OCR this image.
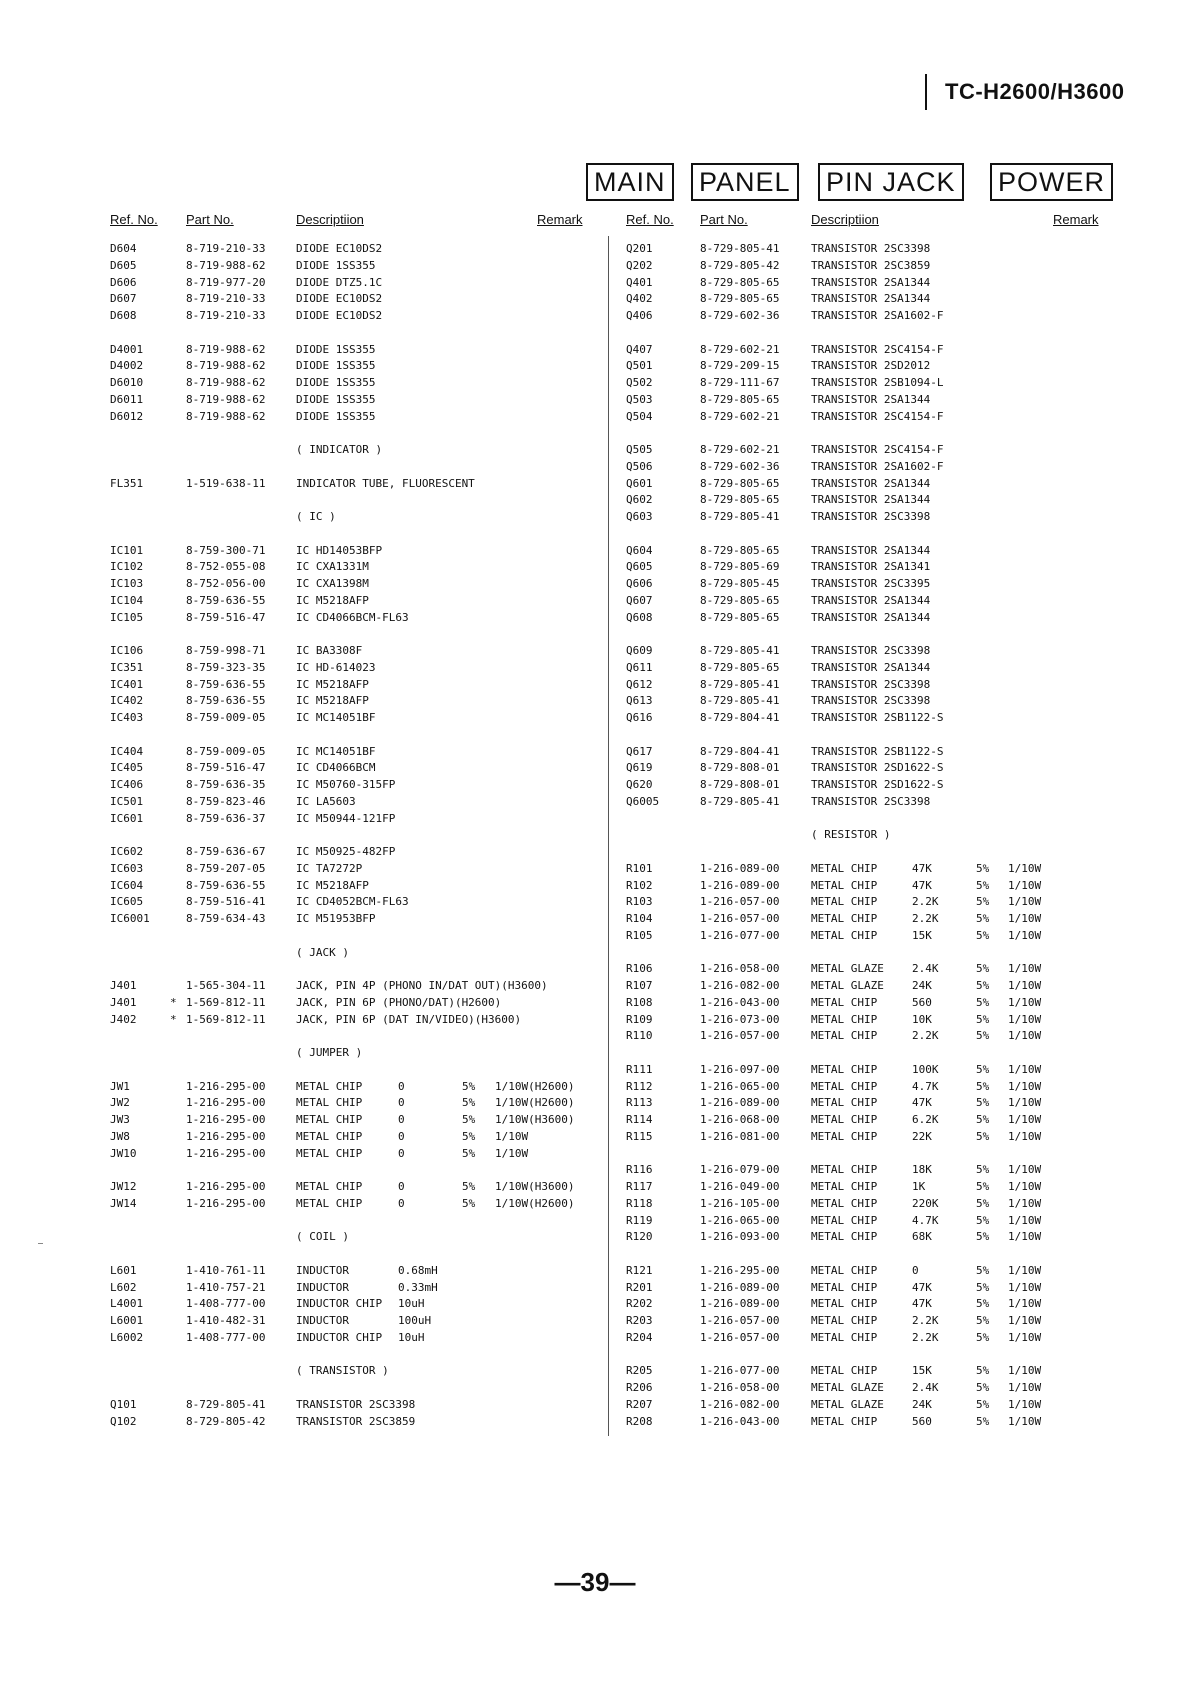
TC-H2600/H3600
MAIN PANEL PIN JACK POWER
Ref. No. Part No.	Descriptiion	Remark	Ref. No. Part No.	Descriptiion	Remark
D604	8-719-210-33	DIODE EC10DS2
D605	8-719-988-62	DIODE 1SS355
D606	8-719-977-20	DIODE DTZ5.1C
D607	8-719-210-33	DIODE EC10DS2
D608	8-719-210-33	DIODE EC10DS2
D4001	8-719-988-62	DIODE 1SS355
D4002	8-719-988-62	DIODE 1SS355
D6010	8-719-988-62	DIODE 1SS355
D6011	8-719-988-62	DIODE 1SS355
D6012	8-719-988-62	DIODE 1SS355
( INDICATOR )
FL351	1-519-638-11	INDICATOR TUBE, FLUORESCENT
( IC )
IC101	8-759-300-71	IC HD14053BFP
IC102	8-752-055-08	IC CXA1331M
IC103	8-752-056-00	IC CXA1398M
IC104	8-759-636-55	IC M5218AFP
IC105	8-759-516-47	IC CD4066BCM-FL63
IC106	8-759-998-71	IC BA3308F
IC351	8-759-323-35	IC HD-614023
IC401	8-759-636-55	IC M5218AFP
IC402	8-759-636-55	IC M5218AFP
IC403	8-759-009-05	IC MC14051BF
IC404	8-759-009-05	IC MC14051BF
IC405	8-759-516-47	IC CD4066BCM
IC406	8-759-636-35	IC M50760-315FP
IC501	8-759-823-46	IC LA5603
IC601	8-759-636-37	IC M50944-121FP
IC602	8-759-636-67	IC M50925-482FP
IC603	8-759-207-05	IC TA7272P
IC604	8-759-636-55	IC M5218AFP
IC605	8-759-516-41	IC CD4052BCM-FL63
IC6001	8-759-634-43	IC M51953BFP
( JACK )
J401	1-565-304-11	JACK, PIN 4P (PHONO IN/DAT OUT)(H3600)
J401	* 1-569-812-11	JACK, PIN 6P (PHONO/DAT)(H2600)
J402	* 1-569-812-11	JACK, PIN 6P (DAT IN/VIDEO)(H3600)
( JUMPER )
JW1	1-216-295-00	METAL CHIP	0	5% 1/10W(H2600)
JW2	1-216-295-00	METAL CHIP	0	5% 1/10W(H2600)
JW3	1-216-295-00	METAL CHIP	0	5% 1/10W(H3600)
JW8	1-216-295-00	METAL CHIP	0	5% 1/10W
JW10	1-216-295-00	METAL CHIP	0	5% 1/10W
JW12	1-216-295-00	METAL CHIP	0	5% 1/10W(H3600)
JW14	1-216-295-00	METAL CHIP	0	5% 1/10W(H2600)
( COIL )
L601	1-410-761-11	INDUCTOR	0.68mH
L602	1-410-757-21	INDUCTOR	0.33mH
L4001	1-408-777-00	INDUCTOR CHIP 10uH
L6001	1-410-482-31	INDUCTOR	100uH
L6002	1-408-777-00	INDUCTOR CHIP 10uH
( TRANSISTOR )
Q101	8-729-805-41	TRANSISTOR 2SC3398
Q102	8-729-805-42	TRANSISTOR 2SC3859
Q201	8-729-805-41	TRANSISTOR 2SC3398
Q202	8-729-805-42	TRANSISTOR 2SC3859
Q401	8-729-805-65	TRANSISTOR 2SA1344
Q402	8-729-805-65	TRANSISTOR 2SA1344
Q406	8-729-602-36	TRANSISTOR 2SA1602-F
Q407	8-729-602-21	TRANSISTOR 2SC4154-F
Q501	8-729-209-15	TRANSISTOR 2SD2012
Q502	8-729-111-67	TRANSISTOR 2SB1094-L
Q503	8-729-805-65	TRANSISTOR 2SA1344
Q504	8-729-602-21	TRANSISTOR 2SC4154-F
Q505	8-729-602-21	TRANSISTOR 2SC4154-F
Q506	8-729-602-36	TRANSISTOR 2SA1602-F
Q601	8-729-805-65	TRANSISTOR 2SA1344
Q602	8-729-805-65	TRANSISTOR 2SA1344
Q603	8-729-805-41	TRANSISTOR 2SC3398
Q604	8-729-805-65	TRANSISTOR 2SA1344
Q605	8-729-805-69	TRANSISTOR 2SA1341
Q606	8-729-805-45	TRANSISTOR 2SC3395
Q607	8-729-805-65	TRANSISTOR 2SA1344
Q608	8-729-805-65	TRANSISTOR 2SA1344
Q609	8-729-805-41	TRANSISTOR 2SC3398
Q611	8-729-805-65	TRANSISTOR 2SA1344
Q612	8-729-805-41	TRANSISTOR 2SC3398
Q613	8-729-805-41	TRANSISTOR 2SC3398
Q616	8-729-804-41	TRANSISTOR 2SB1122-S
Q617	8-729-804-41	TRANSISTOR 2SB1122-S
Q619	8-729-808-01	TRANSISTOR 2SD1622-S
Q620	8-729-808-01	TRANSISTOR 2SD1622-S
Q6005	8-729-805-41	TRANSISTOR 2SC3398
( RESISTOR )
R101	1-216-089-00	METAL CHIP	47K	5% 1/10W
R102	1-216-089-00	METAL CHIP	47K	5% 1/10W
R103	1-216-057-00	METAL CHIP	2.2K	5% 1/10W
R104	1-216-057-00	METAL CHIP	2.2K	5% 1/10W
R105	1-216-077-00	METAL CHIP	15K	5% 1/10W
R106	1-216-058-00	METAL GLAZE	2.4K	5% 1/10W
R107	1-216-082-00	METAL GLAZE	24K	5% 1/10W
R108	1-216-043-00	METAL CHIP	560	5% 1/10W
R109	1-216-073-00	METAL CHIP	10K	5% 1/10W
R110	1-216-057-00	METAL CHIP	2.2K	5% 1/10W
R111	1-216-097-00	METAL CHIP	100K	5% 1/10W
R112	1-216-065-00	METAL CHIP	4.7K	5% 1/10W
R113	1-216-089-00	METAL CHIP	47K	5% 1/10W
R114	1-216-068-00	METAL CHIP	6.2K	5% 1/10W
R115	1-216-081-00	METAL CHIP	22K	5% 1/10W
R116	1-216-079-00	METAL CHIP	18K	5% 1/10W
R117	1-216-049-00	METAL CHIP	1K	5% 1/10W
R118	1-216-105-00	METAL CHIP	220K	5% 1/10W
R119	1-216-065-00	METAL CHIP	4.7K	5% 1/10W
R120	1-216-093-00	METAL CHIP	68K	5% 1/10W
R121	1-216-295-00	METAL CHIP	0	5% 1/10W
R201	1-216-089-00	METAL CHIP	47K	5% 1/10W
R202	1-216-089-00	METAL CHIP	47K	5% 1/10W
R203	1-216-057-00	METAL CHIP	2.2K	5% 1/10W
R204	1-216-057-00	METAL CHIP	2.2K	5% 1/10W
R205	1-216-077-00	METAL CHIP	15K	5% 1/10W
R206	1-216-058-00	METAL GLAZE	2.4K	5% 1/10W
R207	1-216-082-00	METAL GLAZE	24K	5% 1/10W
R208	1-216-043-00	METAL CHIP	560	5% 1/10W
—39—
